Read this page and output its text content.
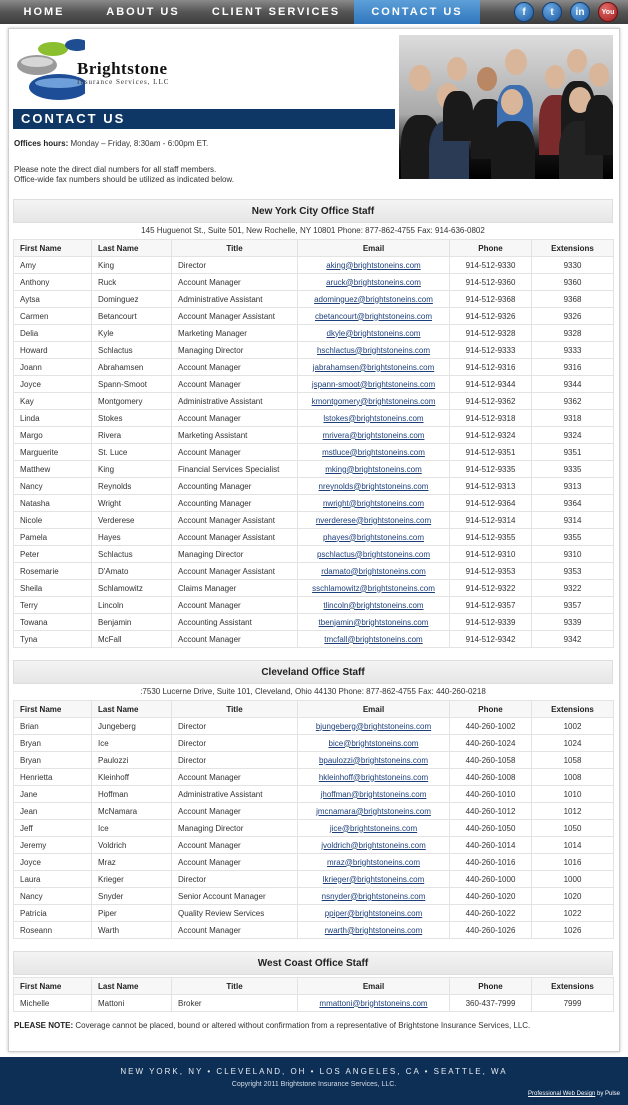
HOME	ABOUT US	CLIENT SERVICES	CONTACT US	f	t	in	You
Brightstone
Insurance Services, LLC
CONTACT US
Offices hours: Monday – Friday, 8:30am - 6:00pm ET.
Please note the direct dial numbers for all staff members.
Office-wide fax numbers should be utilized as indicated below.
New York City Office Staff
145 Huguenot St., Suite 501, New Rochelle, NY 10801 Phone: 877-862-4755 Fax: 914-636-0802
First Name	Last Name	Title	Email	Phone	Extensions
Amy	King	Director	aking@brightstoneins.com	914-512-9330	9330
Anthony	Ruck	Account Manager	aruck@brightstoneins.com	914-512-9360	9360
Aytsa	Dominguez	Administrative Assistant	adominguez@brightstoneins.com	914-512-9368	9368
Carmen	Betancourt	Account Manager Assistant	cbetancourt@brightstoneins.com	914-512-9326	9326
Delia	Kyle	Marketing Manager	dkyle@brightstoneins.com	914-512-9328	9328
Howard	Schlactus	Managing Director	hschlactus@brightstoneins.com	914-512-9333	9333
Joann	Abrahamsen	Account Manager	jabrahamsen@brightstoneins.com	914-512-9316	9316
Joyce	Spann-Smoot	Account Manager	jspann-smoot@brightstoneins.com	914-512-9344	9344
Kay	Montgomery	Administrative Assistant	kmontgomery@brightstoneins.com	914-512-9362	9362
Linda	Stokes	Account Manager	lstokes@brightstoneins.com	914-512-9318	9318
Margo	Rivera	Marketing Assistant	mrivera@brightstoneins.com	914-512-9324	9324
Marguerite	St. Luce	Account Manager	mstluce@brightstoneins.com	914-512-9351	9351
Matthew	King	Financial Services Specialist	mking@brightstoneins.com	914-512-9335	9335
Nancy	Reynolds	Accounting Manager	nreynolds@brightstoneins.com	914-512-9313	9313
Natasha	Wright	Accounting Manager	nwright@brightstoneins.com	914-512-9364	9364
Nicole	Verderese	Account Manager Assistant	nverderese@brightstoneins.com	914-512-9314	9314
Pamela	Hayes	Account Manager Assistant	phayes@brightstoneins.com	914-512-9355	9355
Peter	Schlactus	Managing Director	pschlactus@brightstoneins.com	914-512-9310	9310
Rosemarie	D'Amato	Account Manager Assistant	rdamato@brightstoneins.com	914-512-9353	9353
Sheila	Schlamowitz	Claims Manager	sschlamowitz@brightstoneins.com	914-512-9322	9322
Terry	Lincoln	Account Manager	tlincoln@brightstoneins.com	914-512-9357	9357
Towana	Benjamin	Accounting Assistant	tbenjamin@brightstoneins.com	914-512-9339	9339
Tyna	McFall	Account Manager	tmcfall@brightstoneins.com	914-512-9342	9342
Cleveland Office Staff
:7530 Lucerne Drive, Suite 101, Cleveland, Ohio 44130 Phone: 877-862-4755 Fax: 440-260-0218
First Name	Last Name	Title	Email	Phone	Extensions
Brian	Jungeberg	Director	bjungeberg@brightstoneins.com	440-260-1002	1002
Bryan	Ice	Director	bice@brightstoneins.com	440-260-1024	1024
Bryan	Paulozzi	Director	bpaulozzi@brightstoneins.com	440-260-1058	1058
Henrietta	Kleinhoff	Account Manager	hkleinhoff@brightstoneins.com	440-260-1008	1008
Jane	Hoffman	Administrative Assistant	jhoffman@brightstoneins.com	440-260-1010	1010
Jean	McNamara	Account Manager	jmcnamara@brightstoneins.com	440-260-1012	1012
Jeff	Ice	Managing Director	jice@brightstoneins.com	440-260-1050	1050
Jeremy	Voldrich	Account Manager	jvoldrich@brightstoneins.com	440-260-1014	1014
Joyce	Mraz	Account Manager	mraz@brightstoneins.com	440-260-1016	1016
Laura	Krieger	Director	lkrieger@brightstoneins.com	440-260-1000	1000
Nancy	Snyder	Senior Account Manager	nsnyder@brightstoneins.com	440-260-1020	1020
Patricia	Piper	Quality Review Services	ppiper@brightstoneins.com	440-260-1022	1022
Roseann	Warth	Account Manager	rwarth@brightstoneins.com	440-260-1026	1026
West Coast Office Staff
First Name	Last Name	Title	Email	Phone	Extensions
Michelle	Mattoni	Broker	mmattoni@brightstoneins.com	360-437-7999	7999
PLEASE NOTE: Coverage cannot be placed, bound or altered without confirmation from a representative of Brightstone Insurance Services, LLC.
NEW YORK, NY • CLEVELAND, OH • LOS ANGELES, CA • SEATTLE, WA
Copyright 2011 Brightstone Insurance Services, LLC.
Professional Web Design by Pulse
